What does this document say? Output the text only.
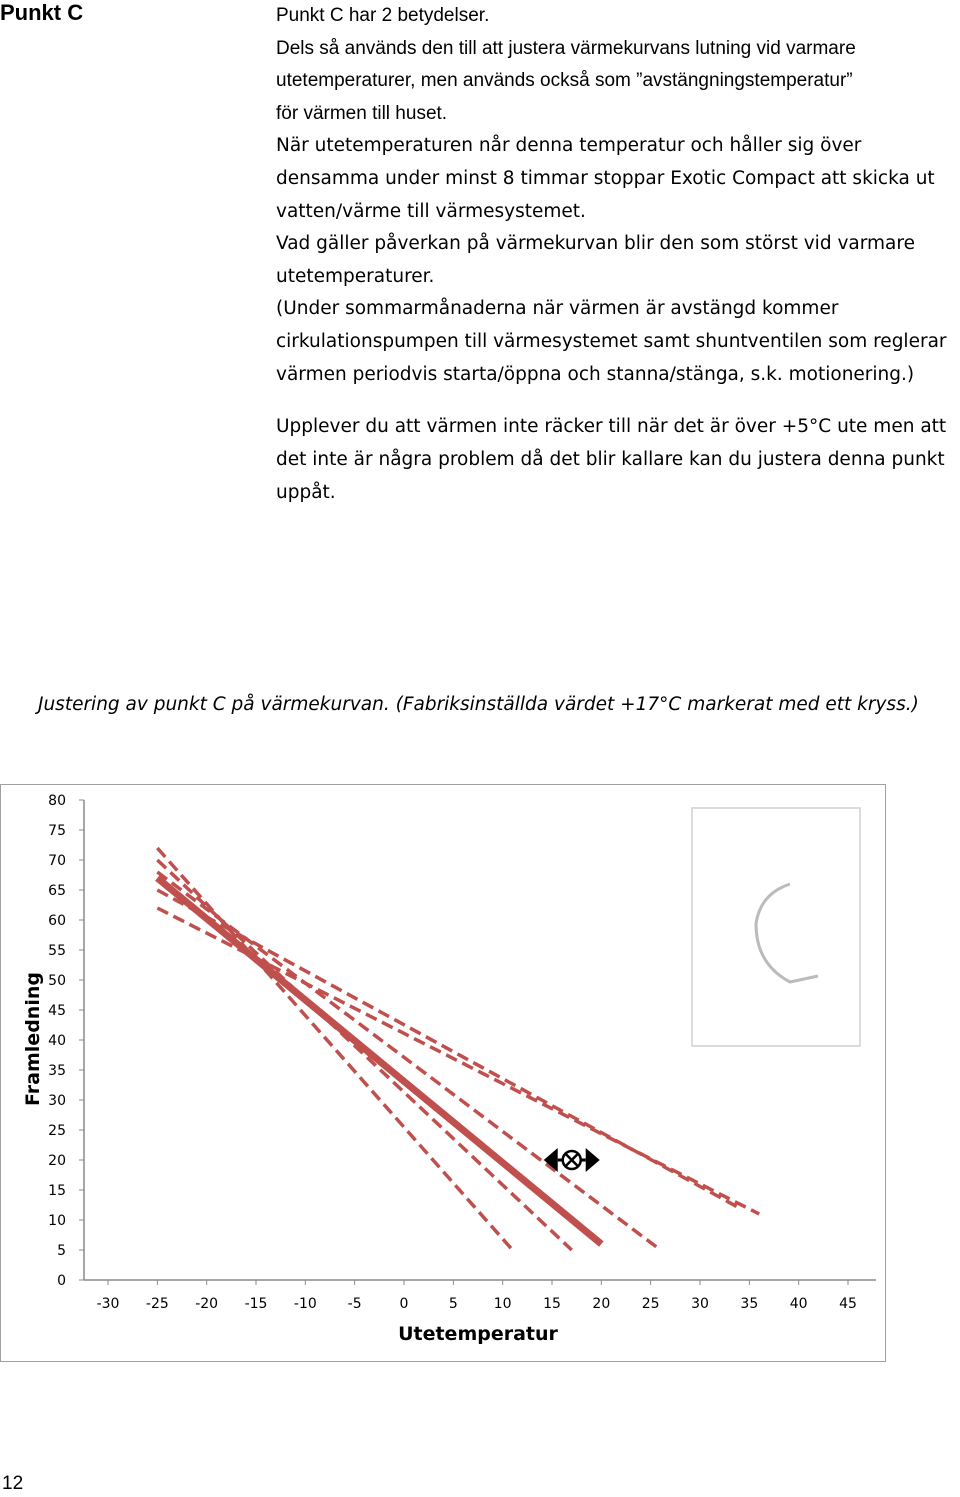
Punkt C	Punkt C har 2 betydelser.
Dels så används den till att justera värmekurvans lutning vid varmare
utetemperaturer, men används också som ”avstängningstemperatur”
för värmen till huset.
När utetemperaturen når denna temperatur och håller sig över
densamma under minst 8 timmar stoppar Exotic Compact att skicka ut
vatten/värme till värmesystemet.
Vad gäller påverkan på värmekurvan blir den som störst vid varmare
utetemperaturer.
(Under sommarmånaderna när värmen är avstängd kommer
cirkulationspumpen till värmesystemet samt shuntventilen som reglerar
värmen periodvis starta/öppna och stanna/stänga, s.k. motionering.)
Upplever du att värmen inte räcker till när det är över +5°C ute men att
det inte är några problem då det blir kallare kan du justera denna punkt
uppåt.
Justering av punkt C på värmekurvan. (Fabriksinställda värdet +17°C markerat med ett kryss.)
0
5
10
15
20
25
30
35
40
45
50
55
60
65
70
75
80
-30 -25 -20 -15 -10 -5	0	5	10 15 20 25 30 35 40 45
Utetemperatur
Framledning
12
